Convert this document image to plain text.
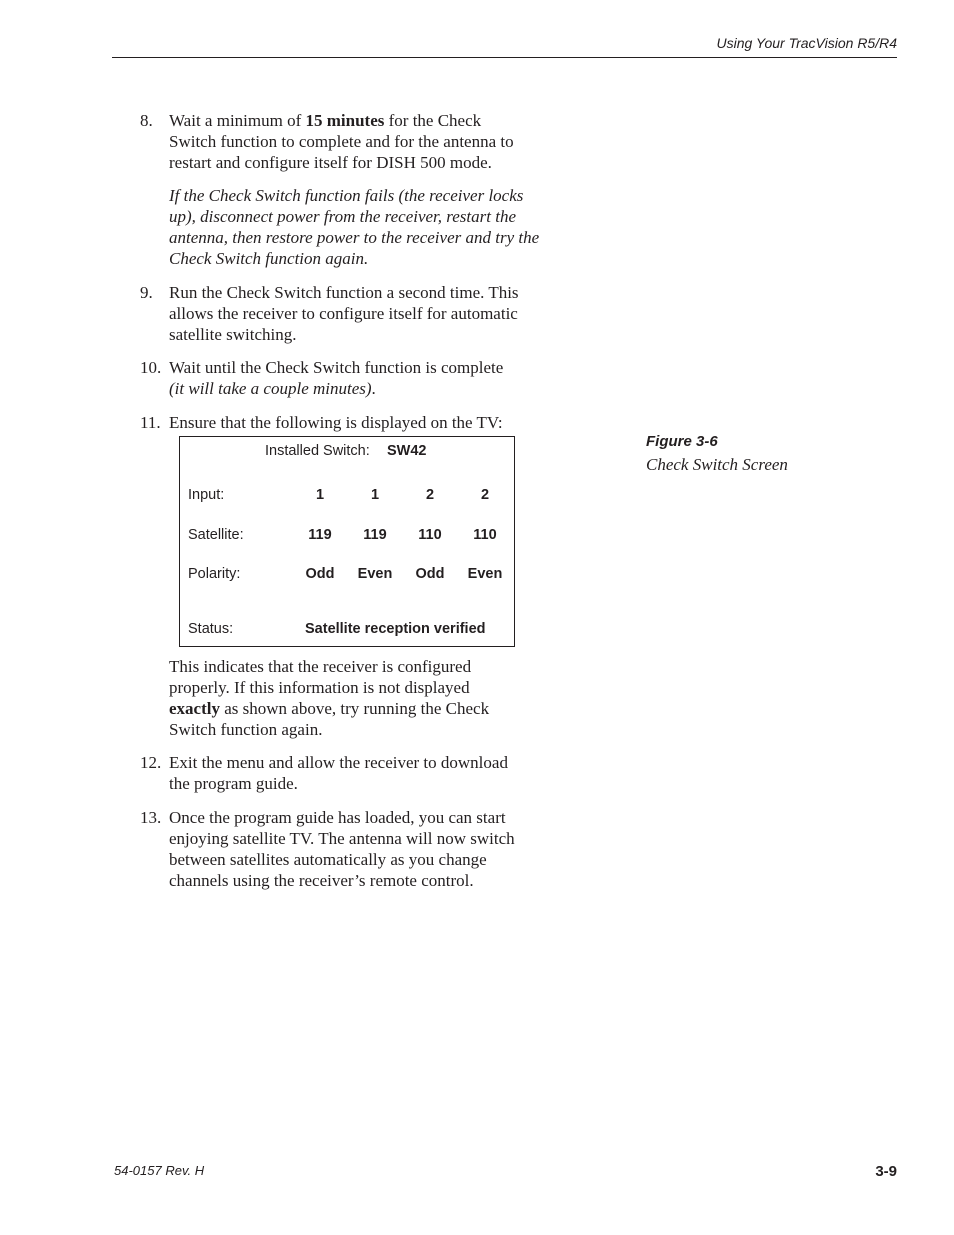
Using Your TracVision R5/R4
8. Wait a minimum of 15 minutes for the Check
Switch function to complete and for the antenna to
restart and configure itself for DISH 500 mode.
If the Check Switch function fails (the receiver locks
up), disconnect power from the receiver, restart the
antenna, then restore power to the receiver and try the
Check Switch function again.
9. Run the Check Switch function a second time. This
allows the receiver to configure itself for automatic
satellite switching.
10. Wait until the Check Switch function is complete
(it will take a couple minutes).
11. Ensure that the following is displayed on the TV:
Installed Switch: SW42
Input:	1	1	2	2
Satellite:	119	119	110	110
Polarity:	Odd	Even	Odd	Even
Status:	Satellite reception verified
Figure 3-6
Check Switch Screen
This indicates that the receiver is configured
properly. If this information is not displayed
exactly as shown above, try running the Check
Switch function again.
12. Exit the menu and allow the receiver to download
the program guide.
13. Once the program guide has loaded, you can start
enjoying satellite TV. The antenna will now switch
between satellites automatically as you change
channels using the receiver’s remote control.
54-0157 Rev. H	3-9
